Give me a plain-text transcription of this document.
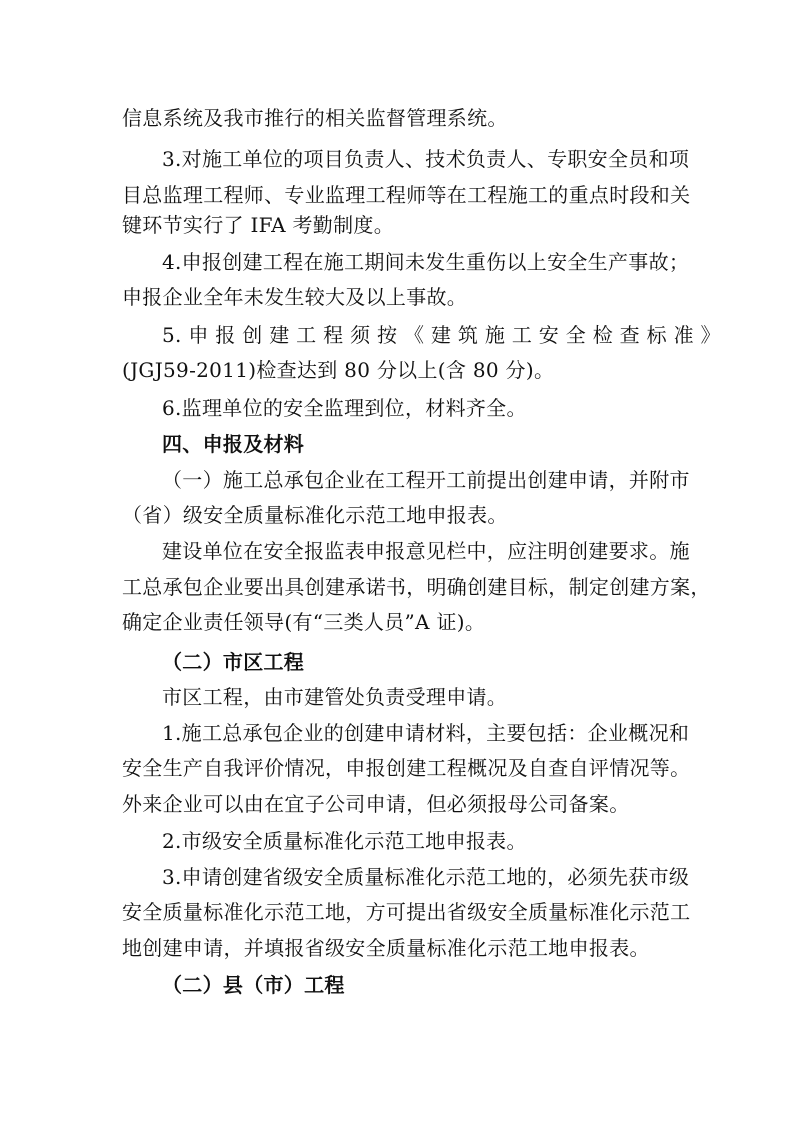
信息系统及我市推行的相关监督管理系统。
3.对施工单位的项目负责人、技术负责人、专职安全员和项
目总监理工程师、专业监理工程师等在工程施工的重点时段和关
键环节实行了 IFA 考勤制度。
4.申报创建工程在施工期间未发生重伤以上安全生产事故；
申报企业全年未发生较大及以上事故。
5. 申 报 创 建 工 程 须 按 《 建 筑 施 工 安 全 检 查 标 准 》
(JGJ59-2011)检查达到 80 分以上(含 80 分)。
6.监理单位的安全监理到位，材料齐全。
四、申报及材料
（一）施工总承包企业在工程开工前提出创建申请，并附市
（省）级安全质量标准化示范工地申报表。
建设单位在安全报监表申报意见栏中，应注明创建要求。施
工总承包企业要出具创建承诺书，明确创建目标，制定创建方案，
确定企业责任领导(有“三类人员”A 证)。
（二）市区工程
市区工程，由市建管处负责受理申请。
1.施工总承包企业的创建申请材料，主要包括：企业概况和
安全生产自我评价情况，申报创建工程概况及自查自评情况等。
外来企业可以由在宜子公司申请，但必须报母公司备案。
2.市级安全质量标准化示范工地申报表。
3.申请创建省级安全质量标准化示范工地的，必须先获市级
安全质量标准化示范工地，方可提出省级安全质量标准化示范工
地创建申请，并填报省级安全质量标准化示范工地申报表。
（二）县（市）工程
